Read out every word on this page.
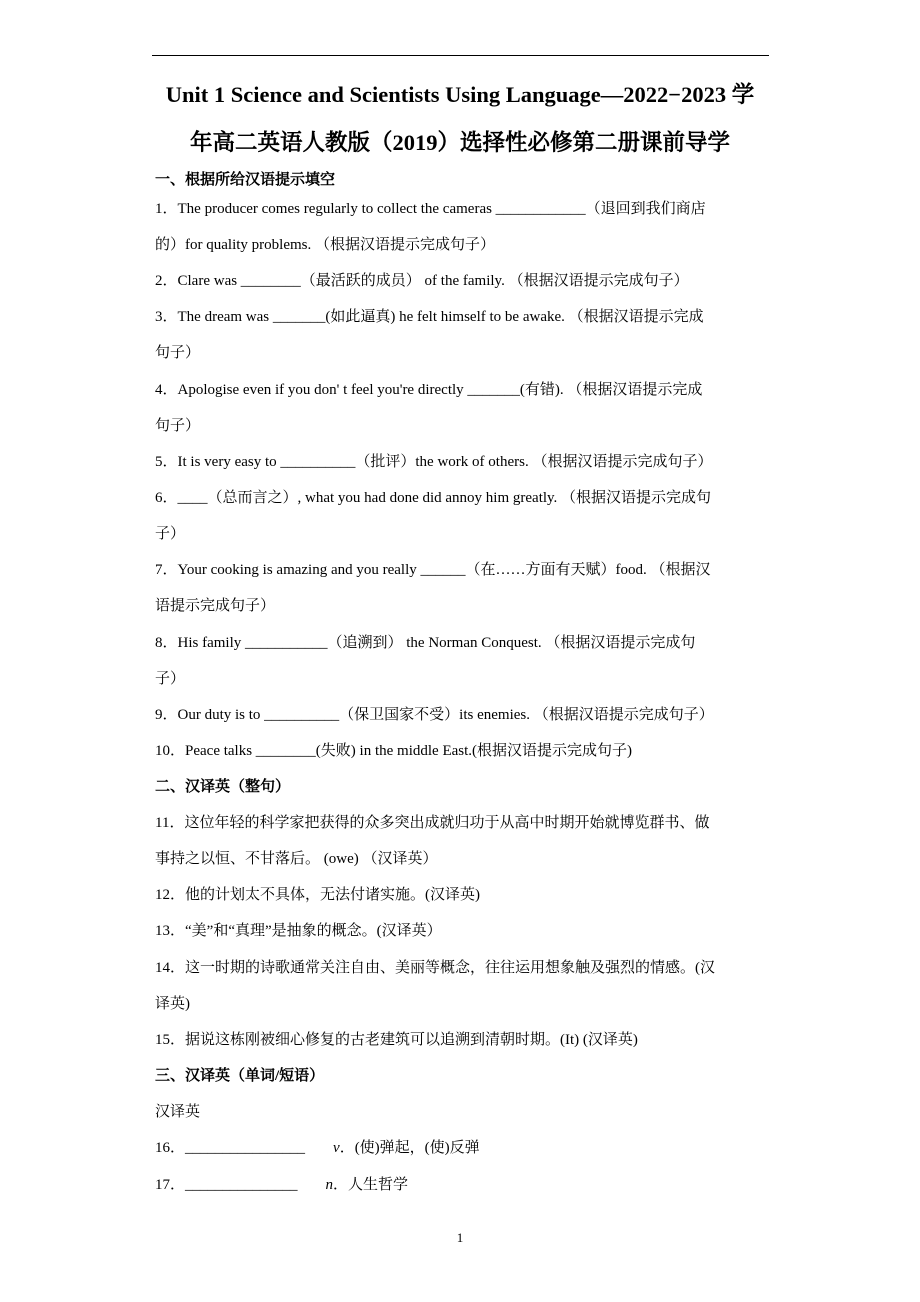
Unit 1 Science and Scientists Using Language—2022−2023 学
年高二英语人教版（2019）选择性必修第二册课前导学
一、根据所给汉语提示填空
1．The producer comes regularly to collect the cameras ____________（退回到我们商店
的）for quality problems. （根据汉语提示完成句子）
2．Clare was ________（最活跃的成员） of the family. （根据汉语提示完成句子）
3．The dream was _______(如此逼真) he felt himself to be awake. （根据汉语提示完成
句子）
4．Apologise even if you don' t feel you're directly _______(有错). （根据汉语提示完成
句子）
5．It is very easy to __________（批评）the work of others. （根据汉语提示完成句子）
6．____（总而言之）, what you had done did annoy him greatly. （根据汉语提示完成句
子）
7．Your cooking is amazing and you really ______（在……方面有天赋）food. （根据汉
语提示完成句子）
8．His family ___________（追溯到） the Norman Conquest. （根据汉语提示完成句
子）
9．Our duty is to __________（保卫国家不受）its enemies. （根据汉语提示完成句子）
10．Peace talks ________(失败) in the middle East.(根据汉语提示完成句子)
二、汉译英（整句）
11．这位年轻的科学家把获得的众多突出成就归功于从高中时期开始就博览群书、做
事持之以恒、不甘落后。 (owe) （汉译英）
12．他的计划太不具体，无法付诸实施。(汉译英)
13．“美”和“真理”是抽象的概念。(汉译英）
14．这一时期的诗歌通常关注自由、美丽等概念，往往运用想象触及强烈的情感。(汉
译英)
15．据说这栋刚被细心修复的古老建筑可以追溯到清朝时期。(It) (汉译英)
三、汉译英（单词/短语）
汉译英
16．________________ v．(使)弹起，(使)反弹
17．_______________ n．人生哲学
1
